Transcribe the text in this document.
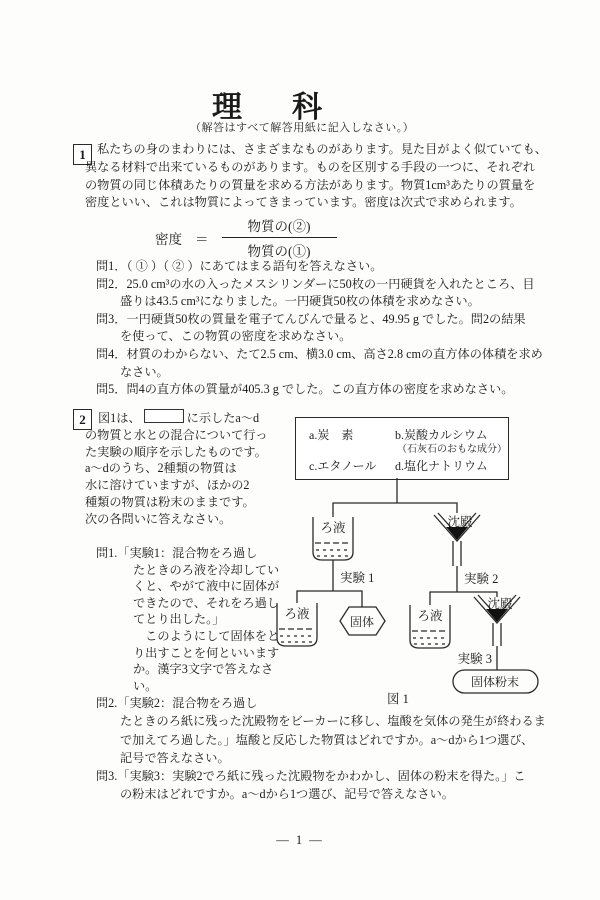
理　科
（解答はすべて解答用紙に記入しなさい。）
1 私たちの身のまわりには、さまざまなものがあります。見た目がよく似ていても、
異なる材料で出来ているものがあります。ものを区別する手段の一つに、それぞれ
の物質の同じ体積あたりの質量を求める方法があります。物質1cm³あたりの質量を
密度といい、これは物質によってきまっています。密度は次式で求められます。
密度 ＝ $\frac{\text{物質の(②)}}{\text{物質の(①)}}$
問1．（ ① ）（ ② ）にあてはまる語句を答えなさい。
問2．25.0 cm³の水の入ったメスシリンダーに50枚の一円硬貨を入れたところ、目
盛りは43.5 cm³になりました。一円硬貨50枚の体積を求めなさい。
問3．一円硬貨50枚の質量を電子てんびんで量ると、49.95 g でした。問2の結果
を使って、この物質の密度を求めなさい。
問4．材質のわからない、たて2.5 cm、横3.0 cm、高さ2.8 cmの直方体の体積を求め
なさい。
問5．問4の直方体の質量が405.3 g でした。この直方体の密度を求めなさい。
2	図1は、	に示したa～d
の物質と水との混合について行っ
た実験の順序を示したものです。
a～dのうち、2種類の物質は
水に溶けていますが、ほかの2
種類の物質は粉末のままです。
次の各問いに答えなさい。
a.炭　素	b.炭酸カルシウム
（石灰石のおもな成分）
c.エタノール d.塩化ナトリウム
ろ液
実験 1
沈殿
実験 2
ろ液
固体	ろ液
沈殿
実験 3
固体粉末
図 1
問1.「実験1：混合物をろ過し
たときのろ液を冷却してい
くと、やがて液中に固体が
できたので、それをろ過し
てとり出した。」
　このようにして固体をと
り出すことを何といいます
か。漢字3文字で答えなさ
い。
問2.「実験2：混合物をろ過し
たときのろ紙に残った沈殿物をビーカーに移し、塩酸を気体の発生が終わるま
で加えてろ過した。」塩酸と反応した物質はどれですか。a～dから1つ選び、
記号で答えなさい。
問3.「実験3：実験2でろ紙に残った沈殿物をかわかし、固体の粉末を得た。」こ
の粉末はどれですか。a～dから1つ選び、記号で答えなさい。
― 1 ―
